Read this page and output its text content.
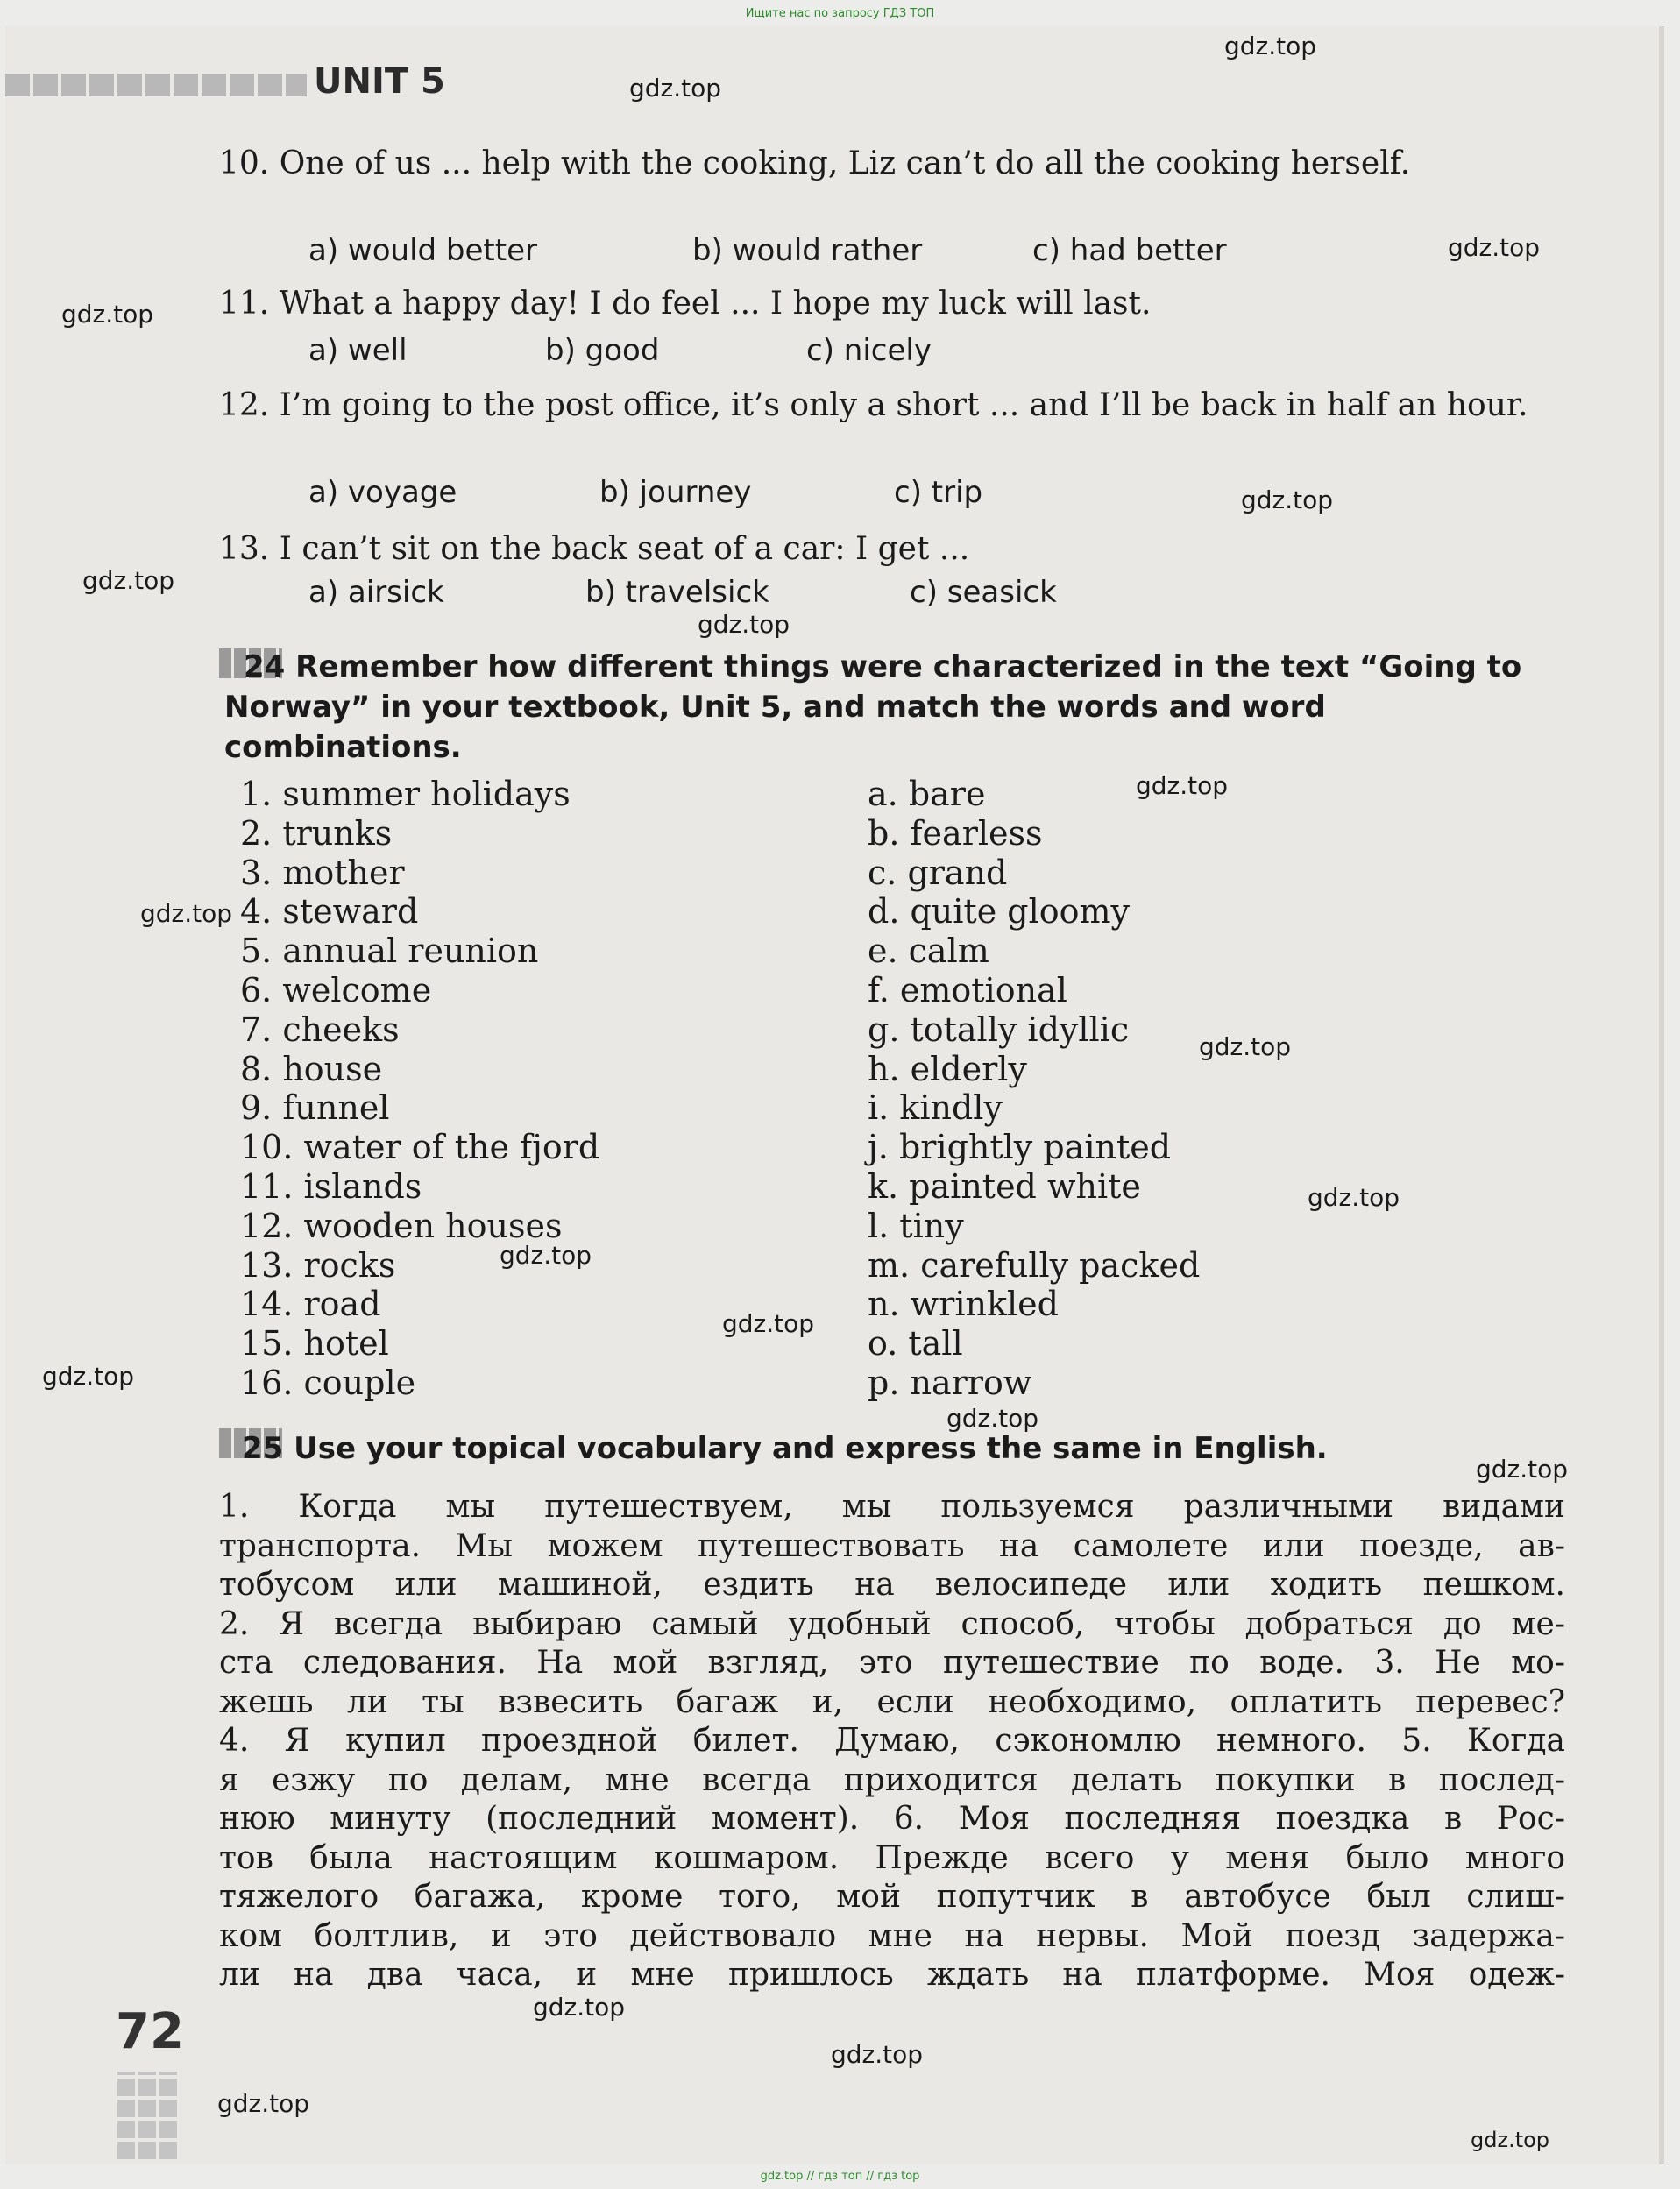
Ищите нас по запросу ГДЗ ТОП
UNIT 5
gdz.top
gdz.top
gdz.top
gdz.top
gdz.top
gdz.top
gdz.top
gdz.top
gdz.top
gdz.top
gdz.top
gdz.top
gdz.top
gdz.top
gdz.top
gdz.top
gdz.top
gdz.top
gdz.top
gdz.top
10. One of us ... help with the cooking, Liz can’t do all the cooking herself.
a) would better	b) would rather	c) had better
11. What a happy day! I do feel ... I hope my luck will last.
a) well	b) good	c) nicely
12. I’m going to the post office, it’s only a short ... and I’ll be back in half an hour.
a) voyage	b) journey	c) trip
13. I can’t sit on the back seat of a car: I get ...
a) airsick	b) travelsick	c) seasick
24 Remember how different things were characterized in the text “Going to Norway” in your textbook, Unit 5, and match the words and word combinations.
1. summer holidays
2. trunks
3. mother
4. steward
5. annual reunion
6. welcome
7. cheeks
8. house
9. funnel
10. water of the fjord
11. islands
12. wooden houses
13. rocks
14. road
15. hotel
16. couple
a. bare
b. fearless
c. grand
d. quite gloomy
e. calm
f. emotional
g. totally idyllic
h. elderly
i. kindly
j. brightly painted
k. painted white
l. tiny
m. carefully packed
n. wrinkled
o. tall
p. narrow
25 Use your topical vocabulary and express the same in English.

1. Когда мы путешествуем, мы пользуемся различными видами

транспорта. Мы можем путешествовать на самолете или поезде, ав-

тобусом или машиной, ездить на велосипеде или ходить пешком.

2. Я всегда выбираю самый удобный способ, чтобы добраться до ме-

ста следования. На мой взгляд, это путешествие по воде. 3. Не мо-

жешь ли ты взвесить багаж и, если необходимо, оплатить перевес?

4. Я купил проездной билет. Думаю, сэкономлю немного. 5. Когда

я езжу по делам, мне всегда приходится делать покупки в послед-

нюю минуту (последний момент). 6. Моя последняя поездка в Рос-

тов была настоящим кошмаром. Прежде всего у меня было много

тяжелого багажа, кроме того, мой попутчик в автобусе был слиш-

ком болтлив, и это действовало мне на нервы. Мой поезд задержа-

ли на два часа, и мне пришлось ждать на платформе. Моя одеж-

72
gdz.top // гдз топ // гдз top
